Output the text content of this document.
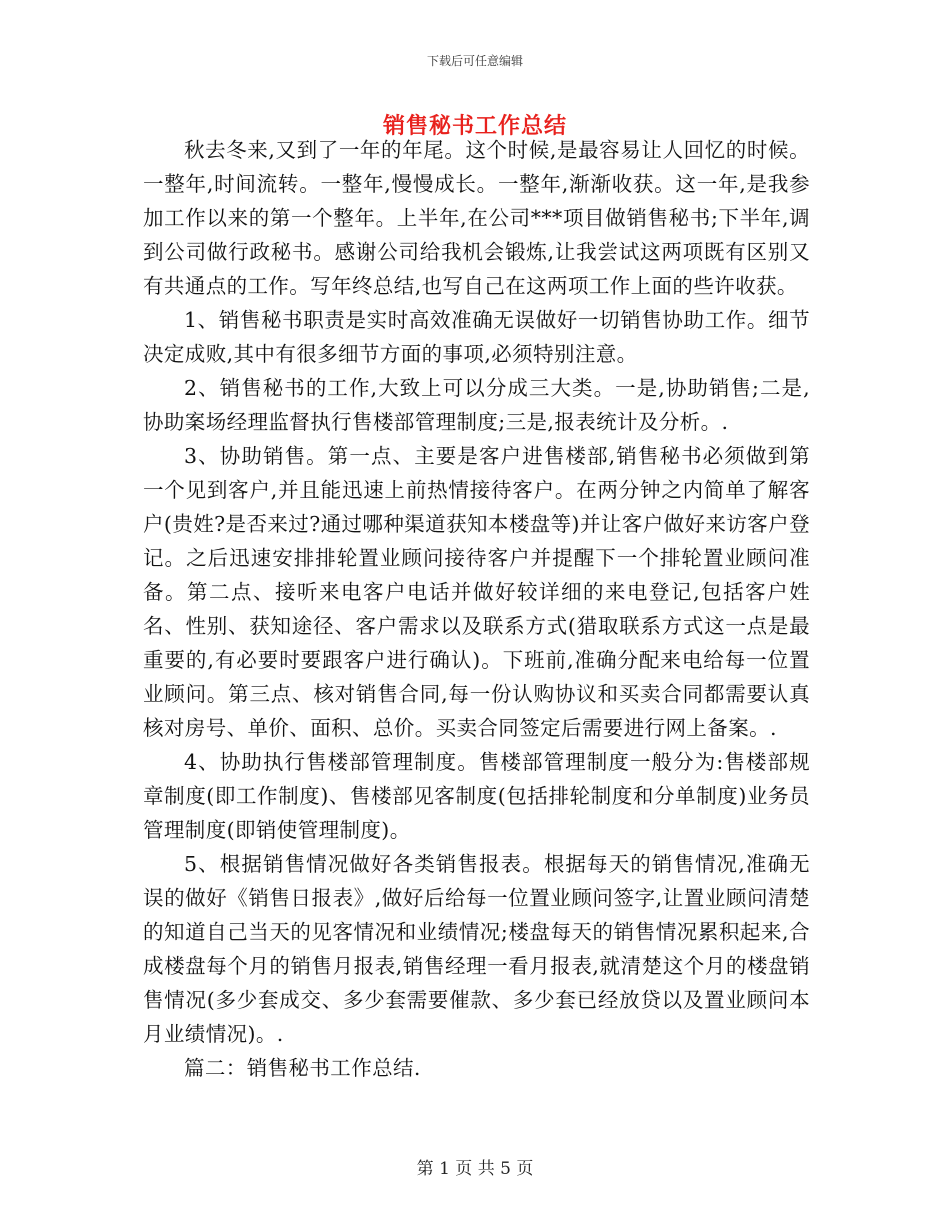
下载后可任意编辑
销售秘书工作总结

秋去冬来,又到了一年的年尾。这个时候,是最容易让人回忆的时候。一整年,时间流转。一整年,慢慢成长。一整年,渐渐收获。这一年,是我参加工作以来的第一个整年。上半年,在公司***项目做销售秘书;下半年,调到公司做行政秘书。感谢公司给我机会锻炼,让我尝试这两项既有区别又有共通点的工作。写年终总结,也写自己在这两项工作上面的些许收获。

1、销售秘书职责是实时高效准确无误做好一切销售协助工作。细节决定成败,其中有很多细节方面的事项,必须特别注意。

2、销售秘书的工作,大致上可以分成三大类。一是,协助销售;二是,协助案场经理监督执行售楼部管理制度;三是,报表统计及分析。.

3、协助销售。第一点、主要是客户进售楼部,销售秘书必须做到第一个见到客户,并且能迅速上前热情接待客户。在两分钟之内简单了解客户(贵姓?是否来过?通过哪种渠道获知本楼盘等)并让客户做好来访客户登记。之后迅速安排排轮置业顾问接待客户并提醒下一个排轮置业顾问准备。第二点、接听来电客户电话并做好较详细的来电登记,包括客户姓名、性别、获知途径、客户需求以及联系方式(猎取联系方式这一点是最重要的,有必要时要跟客户进行确认)。下班前,准确分配来电给每一位置业顾问。第三点、核对销售合同,每一份认购协议和买卖合同都需要认真核对房号、单价、面积、总价。买卖合同签定后需要进行网上备案。.

4、协助执行售楼部管理制度。售楼部管理制度一般分为:售楼部规章制度(即工作制度)、售楼部见客制度(包括排轮制度和分单制度)业务员管理制度(即销使管理制度)。

5、根据销售情况做好各类销售报表。根据每天的销售情况,准确无误的做好《销售日报表》,做好后给每一位置业顾问签字,让置业顾问清楚的知道自己当天的见客情况和业绩情况;楼盘每天的销售情况累积起来,合成楼盘每个月的销售月报表,销售经理一看月报表,就清楚这个月的楼盘销售情况(多少套成交、多少套需要催款、多少套已经放贷以及置业顾问本月业绩情况)。.

篇二：销售秘书工作总结.

第 1 页 共 5 页
